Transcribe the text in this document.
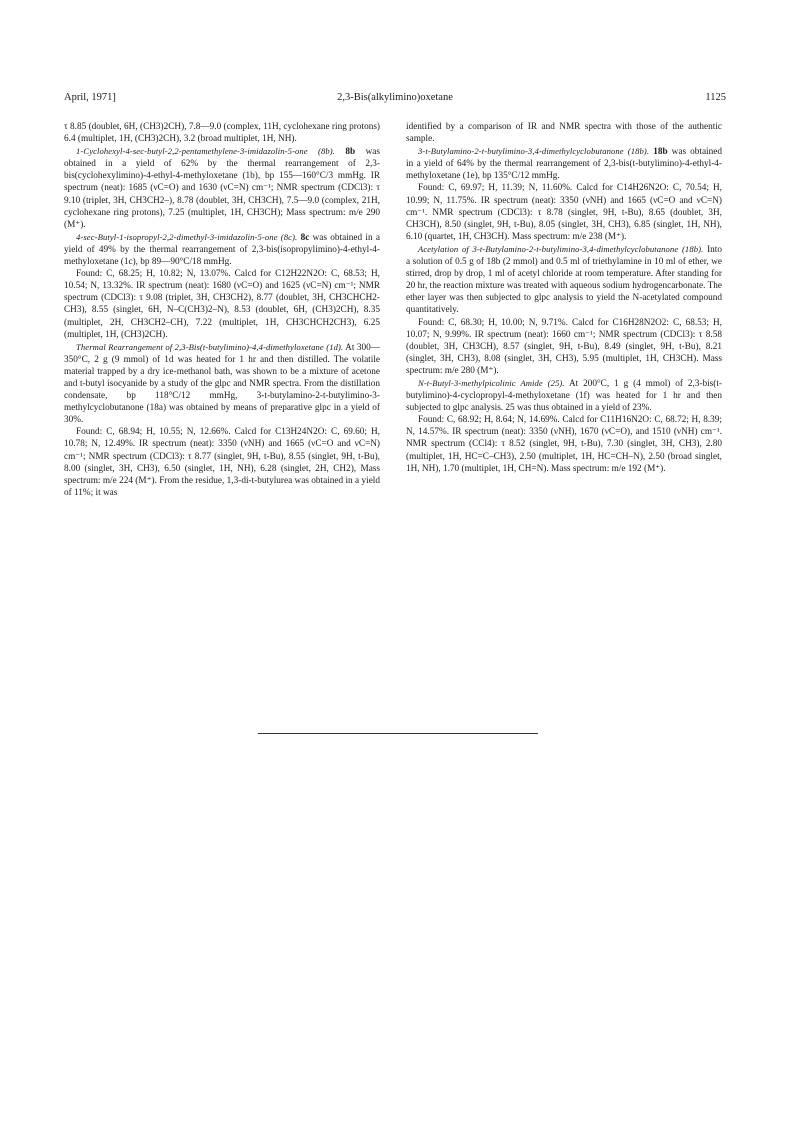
April, 1971]	2,3-Bis(alkylimino)oxetane	1125

τ 8.85 (doublet, 6H, (CH3)2CH), 7.8—9.0 (complex, 11H, cyclohexane ring protons) 6.4 (multiplet, 1H, (CH3)2CH), 3.2 (broad multiplet, 1H, NH).

1-Cyclohexyl-4-sec-butyl-2,2-pentamethylene-3-imidazolin-5-one (8b). 8b was obtained in a yield of 62% by the thermal rearrangement of 2,3-bis(cyclohexylimino)-4-ethyl-4-methyloxetane (1b), bp 155—160°C/3 mmHg. IR spectrum (neat): 1685 (νC=O) and 1630 (νC=N) cm⁻¹; NMR spectrum (CDCl3): τ 9.10 (triplet, 3H, CH3CH2–), 8.78 (doublet, 3H, CH3CH), 7.5—9.0 (complex, 21H, cyclohexane ring protons), 7.25 (multiplet, 1H, CH3CH); Mass spectrum: m/e 290 (M⁺).

4-sec-Butyl-1-isopropyl-2,2-dimethyl-3-imidazolin-5-one (8c). 8c was obtained in a yield of 49% by the thermal rearrangement of 2,3-bis(isopropylimino)-4-ethyl-4-methyloxetane (1c), bp 89—90°C/18 mmHg.

Found: C, 68.25; H, 10.82; N, 13.07%. Calcd for C12H22N2O: C, 68.53; H, 10.54; N, 13.32%. IR spectrum (neat): 1680 (νC=O) and 1625 (νC=N) cm⁻¹; NMR spectrum (CDCl3): τ 9.08 (triplet, 3H, CH3CH2), 8.77 (doublet, 3H, CH3CHCH2-CH3), 8.55 (singlet, 6H, N–C(CH3)2–N), 8.53 (doublet, 6H, (CH3)2CH), 8.35 (multiplet, 2H, CH3CH2–CH), 7.22 (multiplet, 1H, CH3CHCH2CH3), 6.25 (multiplet, 1H, (CH3)2CH).

Thermal Rearrangement of 2,3-Bis(t-butylimino)-4,4-dimethyloxetane (1d). At 300—350°C, 2 g (9 mmol) of 1d was heated for 1 hr and then distilled. The volatile material trapped by a dry ice-methanol bath, was shown to be a mixture of acetone and t-butyl isocyanide by a study of the glpc and NMR spectra. From the distillation condensate, bp 118°C/12 mmHg, 3-t-butylamino-2-t-butylimino-3-methylcyclobutanone (18a) was obtained by means of preparative glpc in a yield of 30%.

Found: C, 68.94; H, 10.55; N, 12.66%. Calcd for C13H24N2O: C, 69.60; H, 10.78; N, 12.49%. IR spectrum (neat): 3350 (νNH) and 1665 (νC=O and νC=N) cm⁻¹; NMR spectrum (CDCl3): τ 8.77 (singlet, 9H, t-Bu), 8.55 (singlet, 9H, t-Bu), 8.00 (singlet, 3H, CH3), 6.50 (singlet, 1H, NH), 6.28 (singlet, 2H, CH2), Mass spectrum: m/e 224 (M⁺). From the residue, 1,3-di-t-butylurea was obtained in a yield of 11%; it was

identified by a comparison of IR and NMR spectra with those of the authentic sample.

3-t-Butylamino-2-t-butylimino-3,4-dimethylcyclobutanone (18b). 18b was obtained in a yield of 64% by the thermal rearrangement of 2,3-bis(t-butylimino)-4-ethyl-4-methyloxetane (1e), bp 135°C/12 mmHg.

Found: C, 69.97; H, 11.39; N, 11.60%. Calcd for C14H26N2O: C, 70.54; H, 10.99; N, 11.75%. IR spectrum (neat): 3350 (νNH) and 1665 (νC=O and νC=N) cm⁻¹. NMR spectrum (CDCl3): τ 8.78 (singlet, 9H, t-Bu), 8.65 (doublet, 3H, CH3CH), 8.50 (singlet, 9H, t-Bu), 8.05 (singlet, 3H, CH3), 6.85 (singlet, 1H, NH), 6.10 (quartet, 1H, CH3CH). Mass spectrum: m/e 238 (M⁺).

Acetylation of 3-t-Butylamino-2-t-butylimino-3,4-dimethylcyclobutanone (18b). Into a solution of 0.5 g of 18b (2 mmol) and 0.5 ml of triethylamine in 10 ml of ether, we stirred, drop by drop, 1 ml of acetyl chloride at room temperature. After standing for 20 hr, the reaction mixture was treated with aqueous sodium hydrogencarbonate. The ether layer was then subjected to glpc analysis to yield the N-acetylated compound quantitatively.

Found: C, 68.30; H, 10.00; N, 9.71%. Calcd for C16H28N2O2: C, 68.53; H, 10.07; N, 9.99%. IR spectrum (neat): 1660 cm⁻¹; NMR spectrum (CDCl3): τ 8.58 (doublet, 3H, CH3CH), 8.57 (singlet, 9H, t-Bu), 8.49 (singlet, 9H, t-Bu), 8.21 (singlet, 3H, CH3), 8.08 (singlet, 3H, CH3), 5.95 (multiplet, 1H, CH3CH). Mass spectrum: m/e 280 (M⁺).

N-t-Butyl-3-methylpicolinic Amide (25). At 200°C, 1 g (4 mmol) of 2,3-bis(t-butylimino)-4-cyclopropyl-4-methyloxetane (1f) was heated for 1 hr and then subjected to glpc analysis. 25 was thus obtained in a yield of 23%.

Found: C, 68.92; H, 8.64; N, 14.69%. Calcd for C11H16N2O: C, 68.72; H, 8.39; N, 14.57%. IR spectrum (neat): 3350 (νNH), 1670 (νC=O), and 1510 (νNH) cm⁻¹. NMR spectrum (CCl4): τ 8.52 (singlet, 9H, t-Bu), 7.30 (singlet, 3H, CH3), 2.80 (multiplet, 1H, HC=C–CH3), 2.50 (multiplet, 1H, HC=CH–N), 2.50 (broad singlet, 1H, NH), 1.70 (multiplet, 1H, CH=N). Mass spectrum: m/e 192 (M⁺).
